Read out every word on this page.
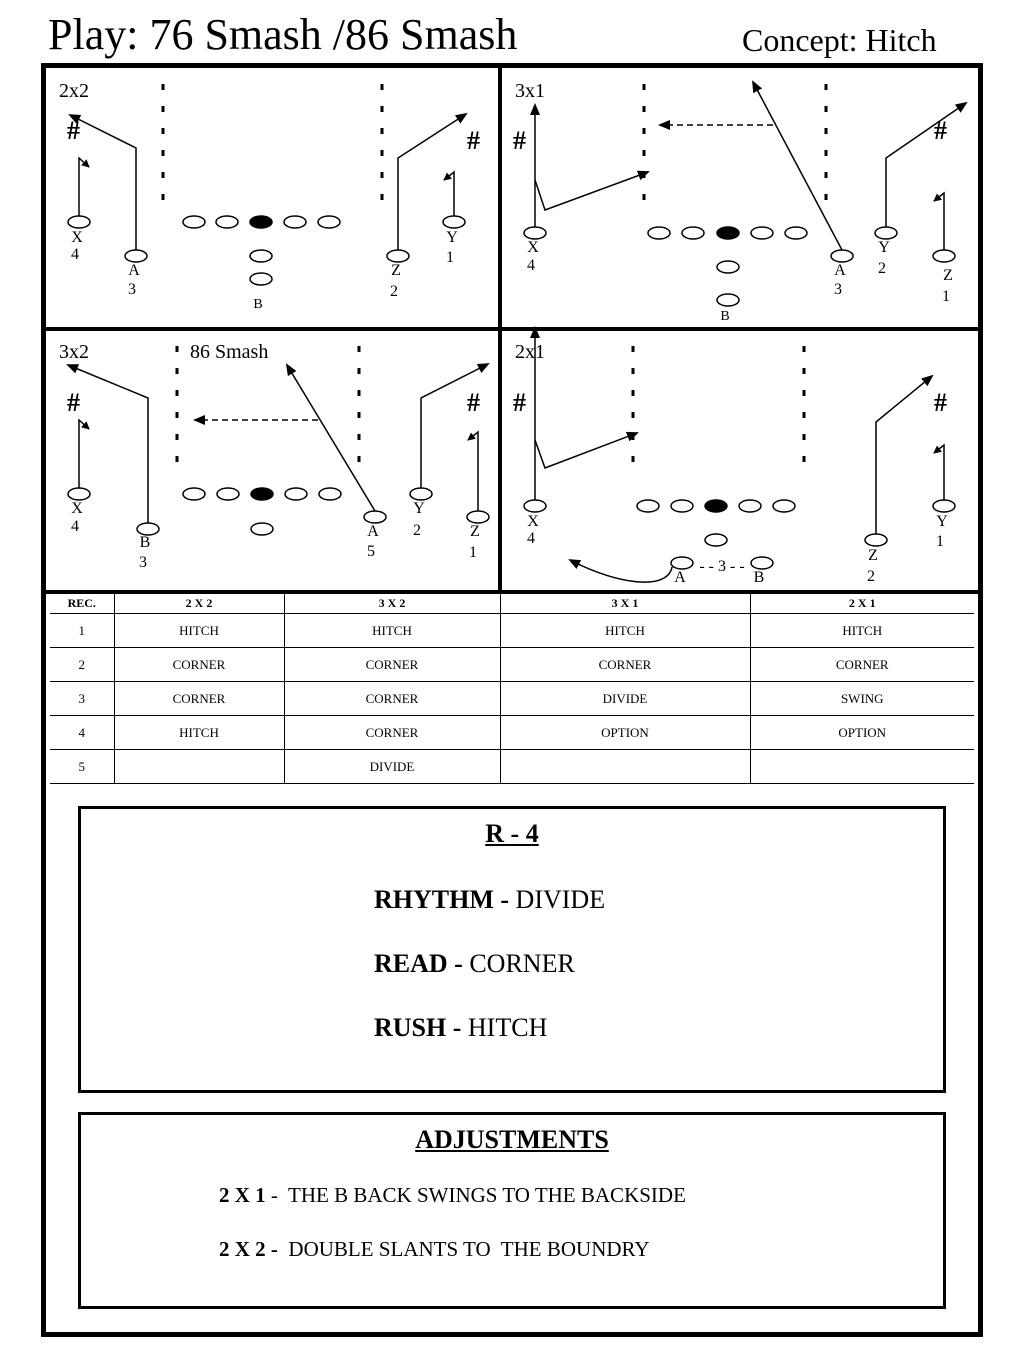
Play: 76 Smash /86 Smash	Concept: Hitch
2x2
#	#
X
4
A
3
B
Z
2
Y
1
3x1
#	#
X
4	A
3
Y
2	Z
1
B
3x2	86 Smash
#	#
X
4
B
3
A
5
Y
2	Z
1
2x1
#	#
X
4
A
- - 3 - -
B
Z
2
Y
1
REC.	2 X 2	3 X 2	3 X 1	2 X 1
1	HITCH	HITCH	HITCH	HITCH
2	CORNER	CORNER	CORNER	CORNER
3	CORNER	CORNER	DIVIDE	SWING
4	HITCH	CORNER	OPTION	OPTION
5		DIVIDE		
R - 4
RHYTHM - DIVIDE
READ - CORNER
RUSH - HITCH
ADJUSTMENTS
2 X 1 -  THE B BACK SWINGS TO THE BACKSIDE
2 X 2 -  DOUBLE SLANTS TO  THE BOUNDRY
